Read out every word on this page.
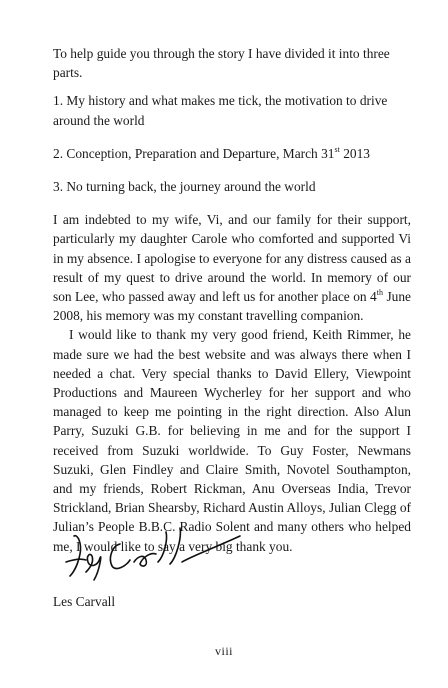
To help guide you through the story I have divided it into three parts.

1. My history and what makes me tick, the motivation to drive around the world

2. Conception, Preparation and Departure, March 31st 2013

3. No turning back, the journey around the world

I am indebted to my wife, Vi, and our family for their support, particularly my daughter Carole who comforted and supported Vi in my absence. I apologise to everyone for any distress caused as a result of my quest to drive around the world. In memory of our son Lee, who passed away and left us for another place on 4th June 2008, his memory was my constant travelling companion.

I would like to thank my very good friend, Keith Rimmer, he made sure we had the best website and was always there when I needed a chat. Very special thanks to David Ellery, Viewpoint Productions and Maureen Wycherley for her support and who managed to keep me pointing in the right direction. Also Alun Parry, Suzuki G.B. for believing in me and for the support I received from Suzuki worldwide. To Guy Foster, Newmans Suzuki, Glen Findley and Claire Smith, Novotel Southampton, and my friends, Robert Rickman, Anu Overseas India, Trevor Strickland, Brian Shearsby, Richard Austin Alloys, Julian Clegg of Julian’s People B.B.C. Radio Solent and many others who helped me, I would like to say a very big thank you.

Les Carvall
viii
